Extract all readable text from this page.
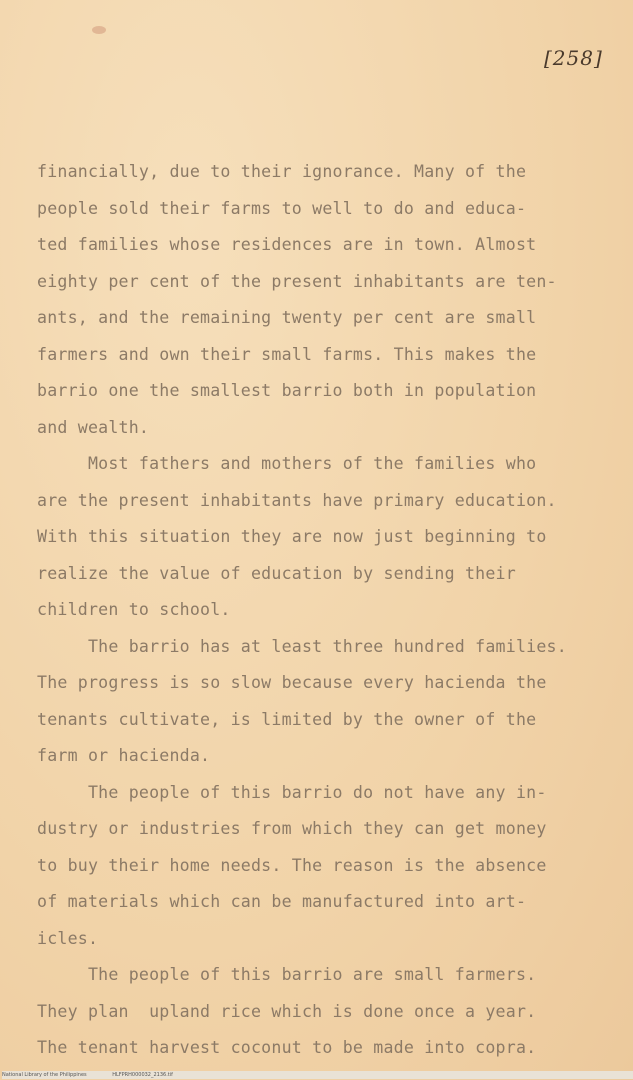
[258]
financially, due to their ignorance. Many of the
people sold their farms to well to do and educa-
ted families whose residences are in town. Almost
eighty per cent of the present inhabitants are ten-
ants, and the remaining twenty per cent are small
farmers and own their small farms. This makes the
barrio one the smallest barrio both in population
and wealth.
Most fathers and mothers of the families who
are the present inhabitants have primary education.
With this situation they are now just beginning to
realize the value of education by sending their
children to school.
The barrio has at least three hundred families.
The progress is so slow because every hacienda the
tenants cultivate, is limited by the owner of the
farm or hacienda.
The people of this barrio do not have any in-
dustry or industries from which they can get money
to buy their home needs. The reason is the absence
of materials which can be manufactured into art-
icles.
The people of this barrio are small farmers.
They plan  upland rice which is done once a year.
The tenant harvest coconut to be made into copra.
National Library of the Philippines	HLFPRH000032_2136.tif
